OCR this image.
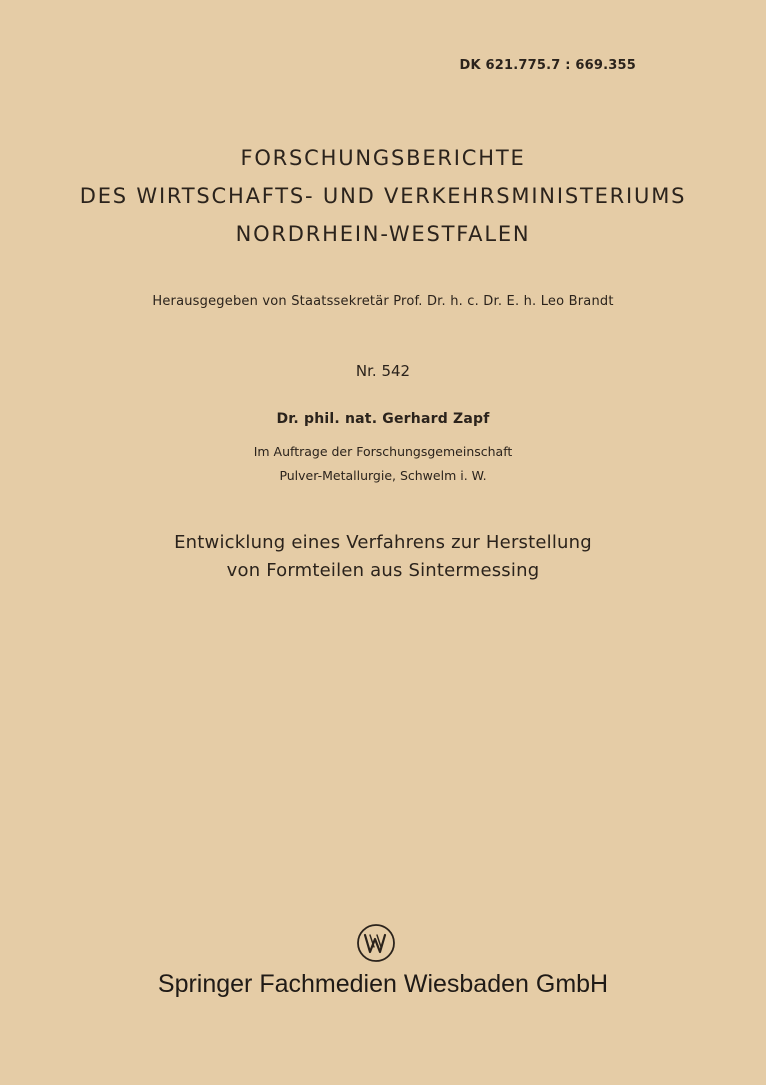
DK 621.775.7 : 669.355
FORSCHUNGSBERICHTE
DES WIRTSCHAFTS- UND VERKEHRSMINISTERIUMS
NORDRHEIN-WESTFALEN
Herausgegeben von Staatssekretär Prof. Dr. h. c. Dr. E. h. Leo Brandt
Nr. 542
Dr. phil. nat. Gerhard Zapf
Im Auftrage der Forschungsgemeinschaft
Pulver-Metallurgie, Schwelm i. W.
Entwicklung eines Verfahrens zur Herstellung
von Formteilen aus Sintermessing
Springer Fachmedien Wiesbaden GmbH
